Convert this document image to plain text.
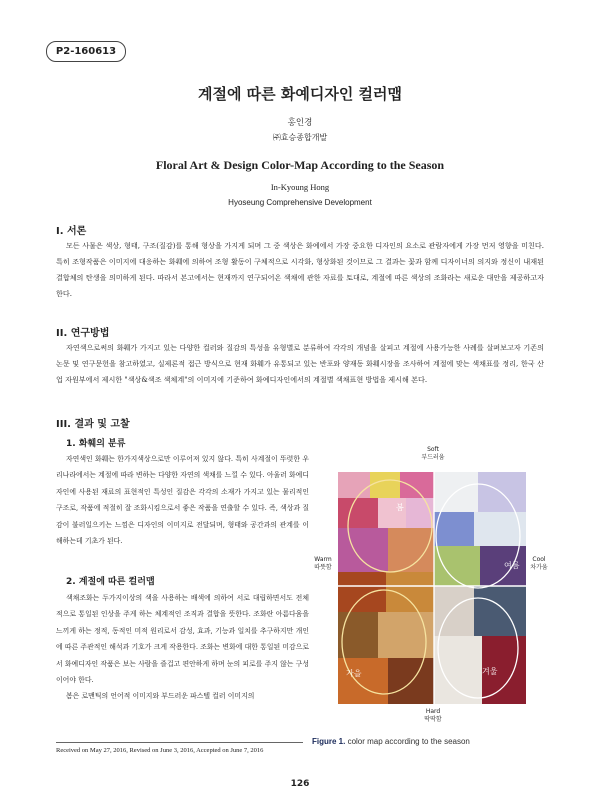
P2-160613
계절에 따른 화예디자인 컬러맵
홍인경
㈜효승종합개발
Floral Art & Design Color-Map According to the Season
In-Kyoung Hong
Hyoseung Comprehensive Development
I. 서론

모든 사물은 색상, 형태, 구조(질감)를 통해 형상을 가지게 되며 그 중 색상은 화예에서 가장 중요한 디자인의 요소로 관람자에게 가장 먼저 영향을 미친다. 특히 조형작품은 이미지에 대응하는 화훼에 의하여 조형 활동이 구체적으로 시각화, 형상화된 것이므로 그 결과는 꽃과 함께 디자이너의 의지와 정신이 내재된 결합체의 탄생을 의미하게 된다. 따라서 본고에서는 현재까지 연구되어온 색채에 관한 자료를 토대로, 계절에 따른 색상의 조화라는 새로운 대안을 제공하고자 한다.

II. 연구방법

자연색으로써의 화훼가 가지고 있는 다양한 컬러와 질감의 특성을 유형별로 분류하여 각각의 개념을 살피고 계절에 사용가능한 사례를 살펴보고자 기존의 논문 및 연구문헌을 참고하였고, 실제론적 접근 방식으로 현재 화훼가 유통되고 있는 반포와 양재동 화훼시장을 조사하여 계절에 맞는 색채표를 정리, 한국 산업 자원부에서 제시한 "색상&색조 색체계"의 이미지에 기준하여 화예디자인에서의 계절별 색채표현 방법을 제시해 본다.

III. 결과 및 고찰
1. 화훼의 분류

자연색인 화훼는 한가지색상으로만 이루어져 있지 않다. 특히 사계절이 뚜렷한 우리나라에서는 계절에 따라 변하는 다양한 자연의 색채를 느낄 수 있다. 아울러 화예디자인에 사용된 재료의 표현적인 특성인 질감은 각각의 소재가 가지고 있는 물리적인 구조로, 작품에 적절히 잘 조화시킴으로서 좋은 작품을 연출할 수 있다. 즉, 색상과 질감이 불러일으키는 느낌은 디자인의 이미지로 전달되며, 형태와 공간과의 관계를 이해하는데 기초가 된다.

2. 계절에 따른 컬러맵

색채조화는 두가지이상의 색을 사용하는 배색에 의하여 서로 대립하면서도 전체적으로 통일된 인상을 주게 하는 체계적인 조직과 결합을 뜻한다. 조화란 아름다움을 느끼게 하는 정적, 동적인 미적 원리로서 감성, 효과, 기능과 일치를 추구하지만 개인에 따른 주관적인 해석과 기호가 크게 작용한다. 조화는 변화에 대한 통일된 미감으로서 화예디자인 작품은 보는 사람을 즐겁고 편안하게 하며 눈의 피로를 주지 않는 구성이어야 한다.

봄은 로맨틱의 언어적 이미지와 부드러운 파스텔 컬러 이미지의

Soft
부드러움
Hard
딱딱함
Warm
따뜻함
Cool
차가움
봄
여름
가을	겨울
Figure 1. color map according to the season
Received on May 27, 2016, Revised on June 3, 2016, Accepted on June 7, 2016
126
